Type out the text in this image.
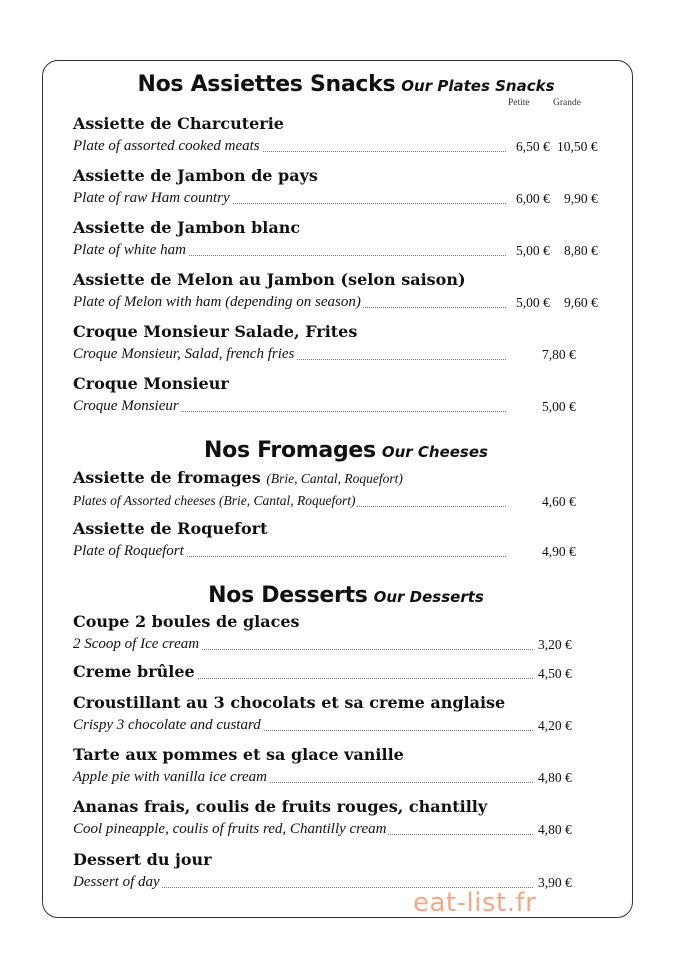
Nos Assiettes Snacks Our Plates Snacks
Petite Grande
Assiette de Charcuterie
Plate of assorted cooked meats	6,50 € 10,50 €
Assiette de Jambon de pays
Plate of raw Ham country	6,00 € 9,90 €
Assiette de Jambon blanc
Plate of white ham	5,00 € 8,80 €
Assiette de Melon au Jambon (selon saison)
Plate of Melon with ham (depending on season)	5,00 € 9,60 €
Croque Monsieur Salade, Frites
Croque Monsieur, Salad, french fries	7,80 €
Croque Monsieur
Croque Monsieur	5,00 €
Nos Fromages Our Cheeses
Assiette de fromages (Brie, Cantal, Roquefort)
Plates of Assorted cheeses (Brie, Cantal, Roquefort)	4,60 €
Assiette de Roquefort
Plate of Roquefort	4,90 €
Nos Desserts Our Desserts
Coupe 2 boules de glaces
2 Scoop of Ice cream	3,20 €
Creme brûlee	4,50 €
Croustillant au 3 chocolats et sa creme anglaise
Crispy 3 chocolate and custard	4,20 €
Tarte aux pommes et sa glace vanille
Apple pie with vanilla ice cream	4,80 €
Ananas frais, coulis de fruits rouges, chantilly
Cool pineapple, coulis of fruits red, Chantilly cream	4,80 €
Dessert du jour
Dessert of day	3,90 €
eat-list.fr
